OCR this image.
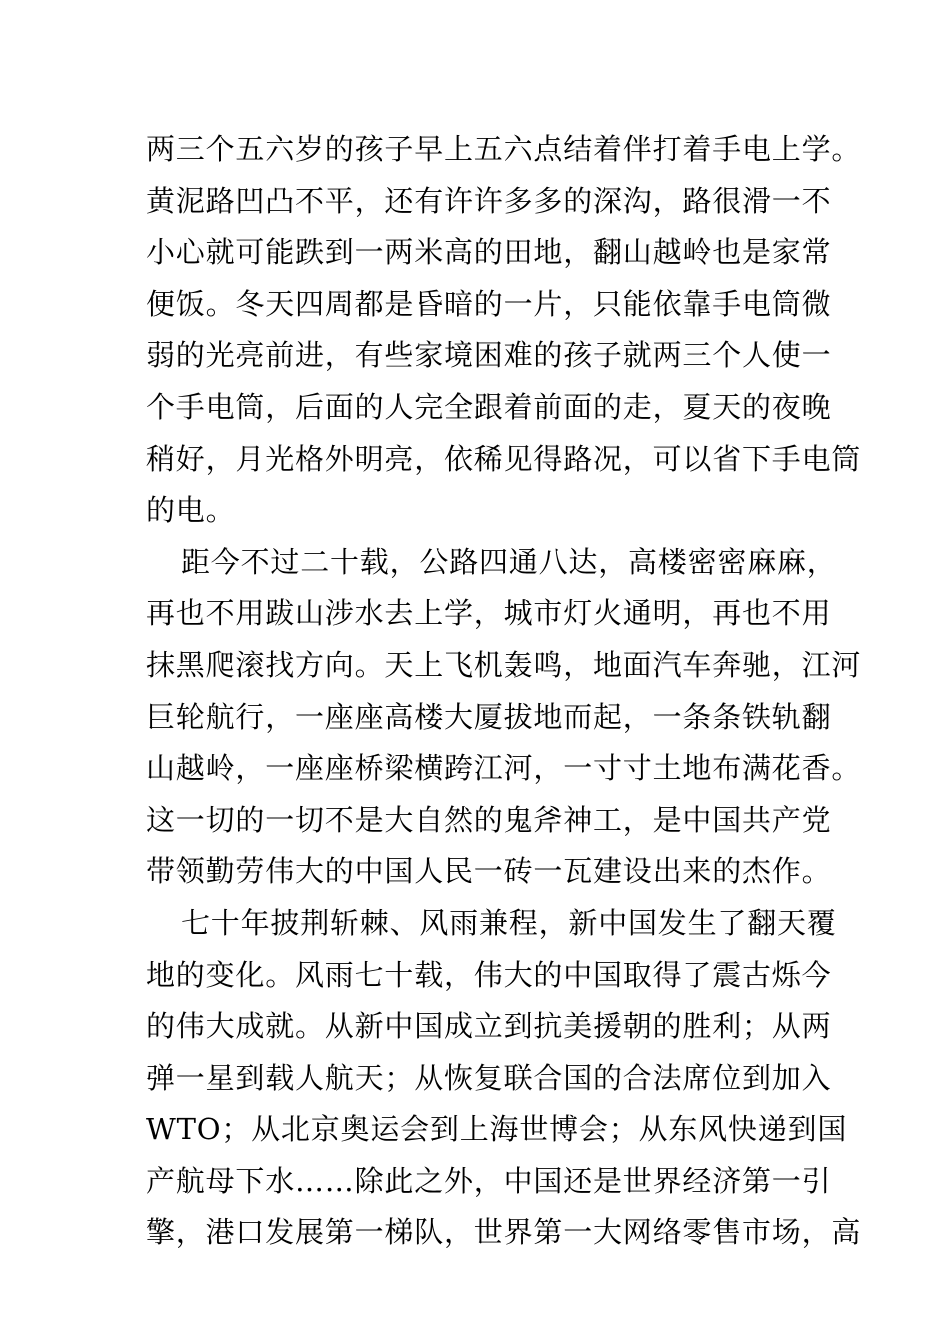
两三个五六岁的孩子早上五六点结着伴打着手电上学。
黄泥路凹凸不平，还有许许多多的深沟，路很滑一不
小心就可能跌到一两米高的田地，翻山越岭也是家常
便饭。冬天四周都是昏暗的一片，只能依靠手电筒微
弱的光亮前进，有些家境困难的孩子就两三个人使一
个手电筒，后面的人完全跟着前面的走，夏天的夜晚
稍好，月光格外明亮，依稀见得路况，可以省下手电筒
的电。
距今不过二十载，公路四通八达，高楼密密麻麻，
再也不用跋山涉水去上学，城市灯火通明，再也不用
抹黑爬滚找方向。天上飞机轰鸣，地面汽车奔驰，江河
巨轮航行，一座座高楼大厦拔地而起，一条条铁轨翻
山越岭，一座座桥梁横跨江河，一寸寸土地布满花香。
这一切的一切不是大自然的鬼斧神工，是中国共产党
带领勤劳伟大的中国人民一砖一瓦建设出来的杰作。
七十年披荆斩棘、风雨兼程，新中国发生了翻天覆
地的变化。风雨七十载，伟大的中国取得了震古烁今
的伟大成就。从新中国成立到抗美援朝的胜利；从两
弹一星到载人航天；从恢复联合国的合法席位到加入
WTO；从北京奥运会到上海世博会；从东风快递到国
产航母下水……除此之外，中国还是世界经济第一引
擎，港口发展第一梯队，世界第一大网络零售市场，高
